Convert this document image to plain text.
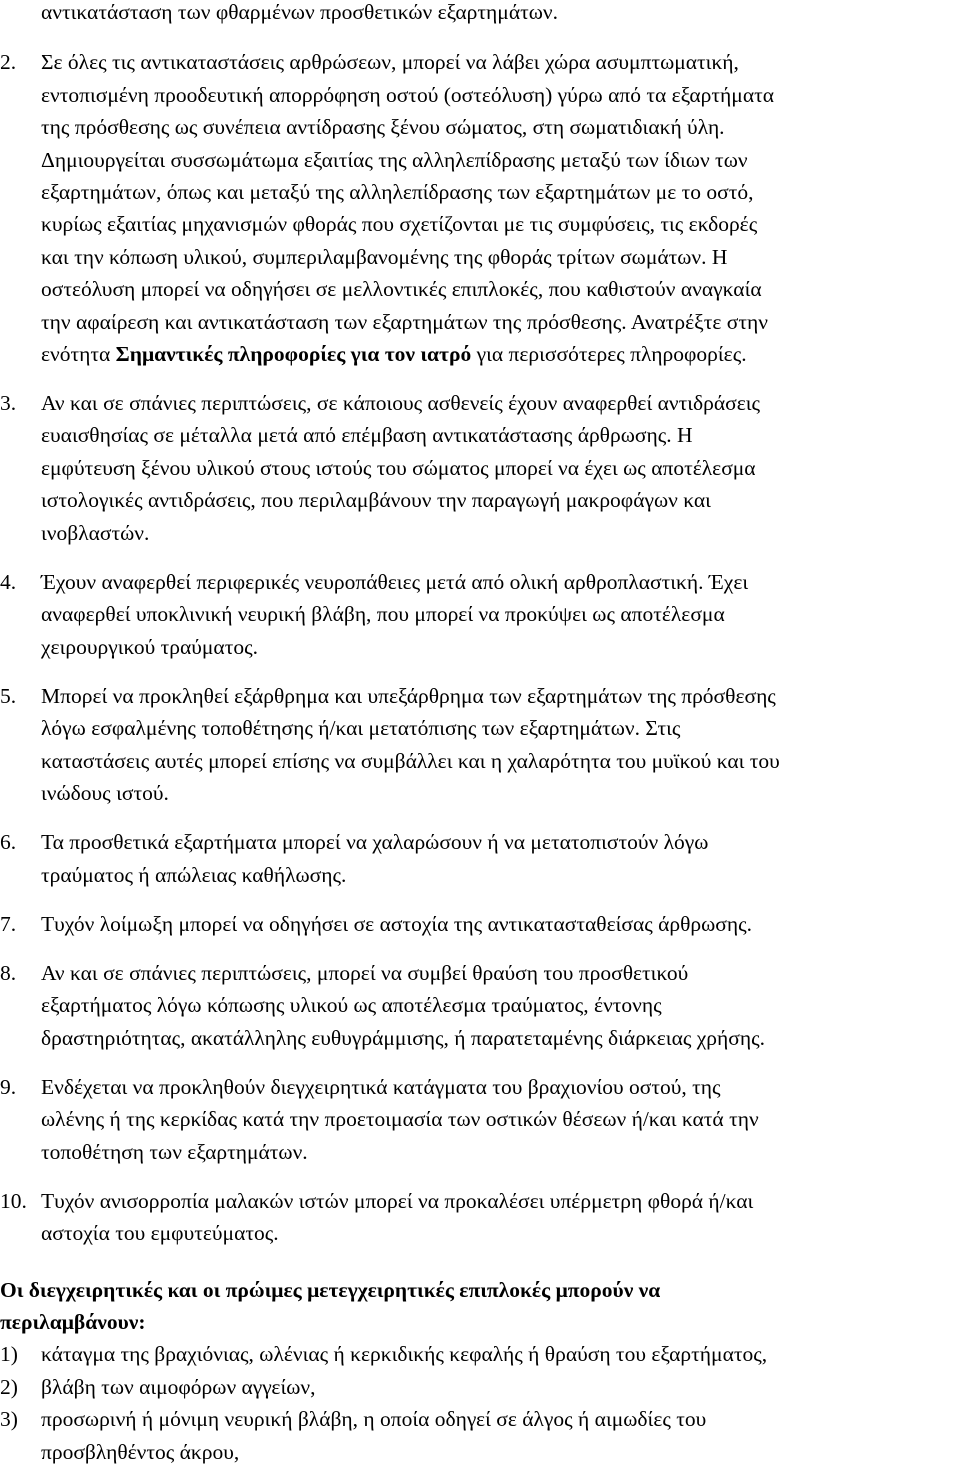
αντικατάσταση των φθαρμένων προσθετικών εξαρτημάτων.
2. Σε όλες τις αντικαταστάσεις αρθρώσεων, μπορεί να λάβει χώρα ασυμπτωματική,
εντοπισμένη προοδευτική απορρόφηση οστού (οστεόλυση) γύρω από τα εξαρτήματα
της πρόσθεσης ως συνέπεια αντίδρασης ξένου σώματος, στη σωματιδιακή ύλη.
Δημιουργείται συσσωμάτωμα εξαιτίας της αλληλεπίδρασης μεταξύ των ίδιων των
εξαρτημάτων, όπως και μεταξύ της αλληλεπίδρασης των εξαρτημάτων με το οστό,
κυρίως εξαιτίας μηχανισμών φθοράς που σχετίζονται με τις συμφύσεις, τις εκδορές
και την κόπωση υλικού, συμπεριλαμβανομένης της φθοράς τρίτων σωμάτων. Η
οστεόλυση μπορεί να οδηγήσει σε μελλοντικές επιπλοκές, που καθιστούν αναγκαία
την αφαίρεση και αντικατάσταση των εξαρτημάτων της πρόσθεσης. Ανατρέξτε στην
ενότητα Σημαντικές πληροφορίες για τον ιατρό για περισσότερες πληροφορίες.
3. Αν και σε σπάνιες περιπτώσεις, σε κάποιους ασθενείς έχουν αναφερθεί αντιδράσεις
ευαισθησίας σε μέταλλα μετά από επέμβαση αντικατάστασης άρθρωσης. Η
εμφύτευση ξένου υλικού στους ιστούς του σώματος μπορεί να έχει ως αποτέλεσμα
ιστολογικές αντιδράσεις, που περιλαμβάνουν την παραγωγή μακροφάγων και
ινοβλαστών.
4. Έχουν αναφερθεί περιφερικές νευροπάθειες μετά από ολική αρθροπλαστική. Έχει
αναφερθεί υποκλινική νευρική βλάβη, που μπορεί να προκύψει ως αποτέλεσμα
χειρουργικού τραύματος.
5. Μπορεί να προκληθεί εξάρθρημα και υπεξάρθρημα των εξαρτημάτων της πρόσθεσης
λόγω εσφαλμένης τοποθέτησης ή/και μετατόπισης των εξαρτημάτων. Στις
καταστάσεις αυτές μπορεί επίσης να συμβάλλει και η χαλαρότητα του μυϊκού και του
ινώδους ιστού.
6. Τα προσθετικά εξαρτήματα μπορεί να χαλαρώσουν ή να μετατοπιστούν λόγω
τραύματος ή απώλειας καθήλωσης.
7. Τυχόν λοίμωξη μπορεί να οδηγήσει σε αστοχία της αντικατασταθείσας άρθρωσης.
8. Αν και σε σπάνιες περιπτώσεις, μπορεί να συμβεί θραύση του προσθετικού
εξαρτήματος λόγω κόπωσης υλικού ως αποτέλεσμα τραύματος, έντονης
δραστηριότητας, ακατάλληλης ευθυγράμμισης, ή παρατεταμένης διάρκειας χρήσης.
9. Ενδέχεται να προκληθούν διεγχειρητικά κατάγματα του βραχιονίου οστού, της
ωλένης ή της κερκίδας κατά την προετοιμασία των οστικών θέσεων ή/και κατά την
τοποθέτηση των εξαρτημάτων.
10. Τυχόν ανισορροπία μαλακών ιστών μπορεί να προκαλέσει υπέρμετρη φθορά ή/και
αστοχία του εμφυτεύματος.
Οι διεγχειρητικές και οι πρώιμες μετεγχειρητικές επιπλοκές μπορούν να
περιλαμβάνουν:
1) κάταγμα της βραχιόνιας, ωλένιας ή κερκιδικής κεφαλής ή θραύση του εξαρτήματος,
2) βλάβη των αιμοφόρων αγγείων,
3) προσωρινή ή μόνιμη νευρική βλάβη, η οποία οδηγεί σε άλγος ή αιμωδίες του
προσβληθέντος άκρου,
